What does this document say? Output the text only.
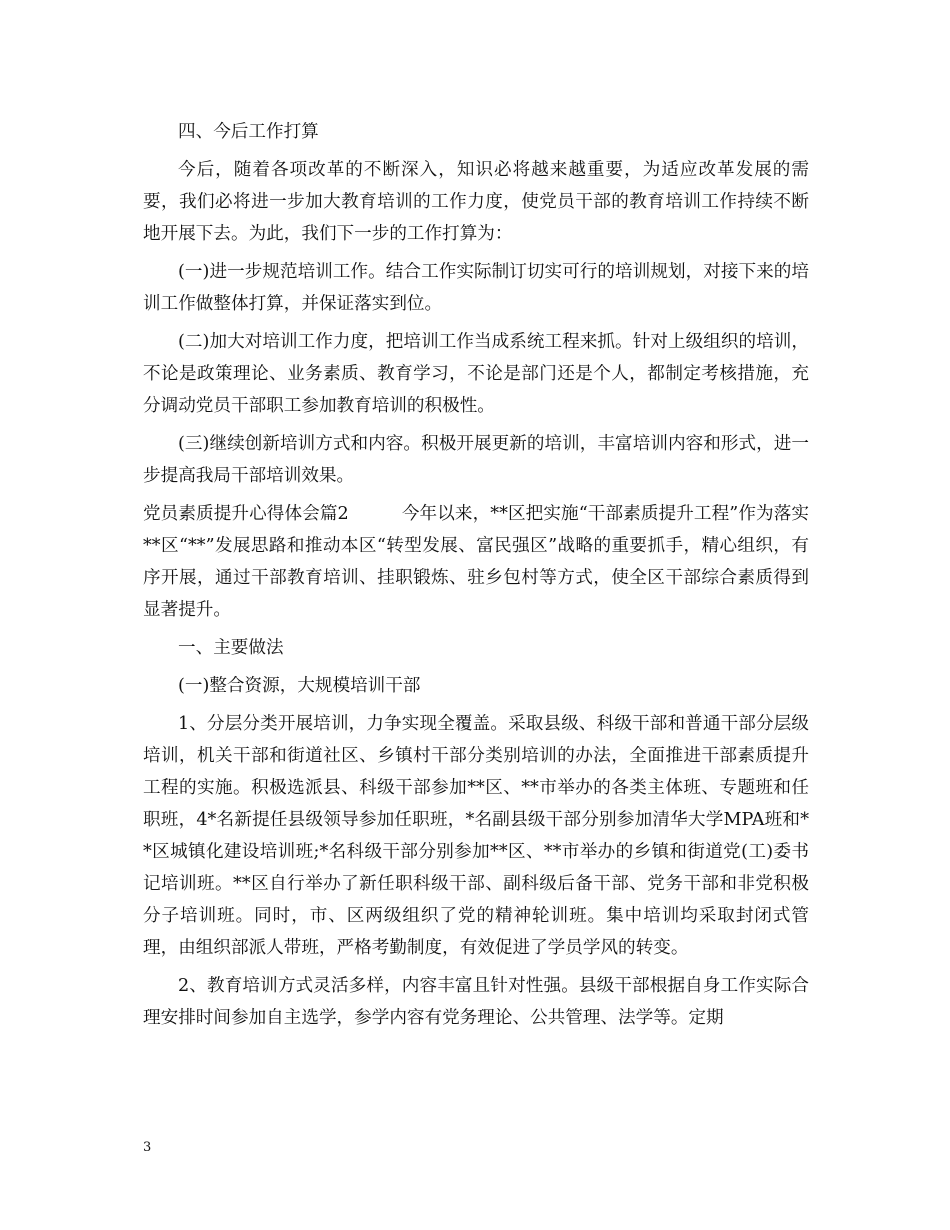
四、今后工作打算

今后，随着各项改革的不断深入，知识必将越来越重要，为适应改革发展的需要，我们必将进一步加大教育培训的工作力度，使党员干部的教育培训工作持续不断地开展下去。为此，我们下一步的工作打算为：

(一)进一步规范培训工作。结合工作实际制订切实可行的培训规划，对接下来的培训工作做整体打算，并保证落实到位。

(二)加大对培训工作力度，把培训工作当成系统工程来抓。针对上级组织的培训，不论是政策理论、业务素质、教育学习，不论是部门还是个人，都制定考核措施，充分调动党员干部职工参加教育培训的积极性。

(三)继续创新培训方式和内容。积极开展更新的培训，丰富培训内容和形式，进一步提高我局干部培训效果。

党员素质提升心得体会篇2　　　今年以来，**区把实施“干部素质提升工程”作为落实**区“**”发展思路和推动本区“转型发展、富民强区”战略的重要抓手，精心组织，有序开展，通过干部教育培训、挂职锻炼、驻乡包村等方式，使全区干部综合素质得到显著提升。

一、主要做法

(一)整合资源，大规模培训干部

1、分层分类开展培训，力争实现全覆盖。采取县级、科级干部和普通干部分层级培训，机关干部和街道社区、乡镇村干部分类别培训的办法，全面推进干部素质提升工程的实施。积极选派县、科级干部参加**区、**市举办的各类主体班、专题班和任职班，4*名新提任县级领导参加任职班，*名副县级干部分别参加清华大学MPA班和**区城镇化建设培训班;*名科级干部分别参加**区、**市举办的乡镇和街道党(工)委书记培训班。**区自行举办了新任职科级干部、副科级后备干部、党务干部和非党积极分子培训班。同时，市、区两级组织了党的精神轮训班。集中培训均采取封闭式管理，由组织部派人带班，严格考勤制度，有效促进了学员学风的转变。

2、教育培训方式灵活多样，内容丰富且针对性强。县级干部根据自身工作实际合理安排时间参加自主选学，参学内容有党务理论、公共管理、法学等。定期

3
